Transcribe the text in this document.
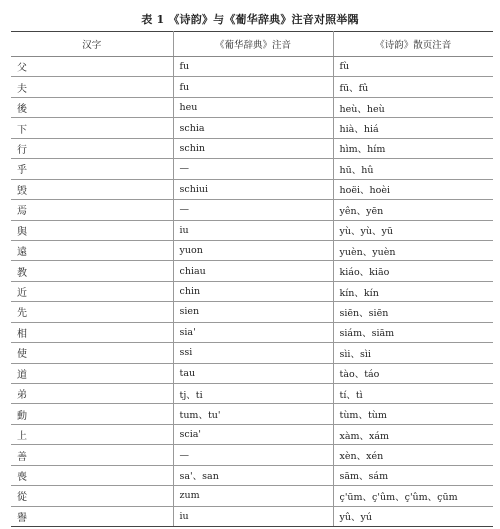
表 1 《诗韵》与《葡华辞典》注音对照举隅
汉字	《葡华辞典》注音	《诗韵》散页注音
父	fu	fù
夫	fu	fū、fû
後	heu	heù、heù
下	schia	hià、hiá
行	schin	hìm、hím
乎	—	hū、hû
毁	schiui	hoëi、hoèi
焉	—	yên、yēn
與	iu	yù、yù、yū
遠	yuon	yuèn、yuèn
教	chiau	kiáo、kiāo
近	chin	kín、kín
先	sien	siēn、siēn
相	sia'	siám、siām
使	ssi	sìi、sìi
道	tau	tào、táo
弟	tj、ti	tí、tì
動	tum、tu'	tùm、tùm
上	scia'	xàm、xám
善	—	xèn、xén
喪	sa'、san	sām、sám
從	zum	ç'ūm、ç'ûm、ç'ûm、çūm
譽	iu	yû、yú
